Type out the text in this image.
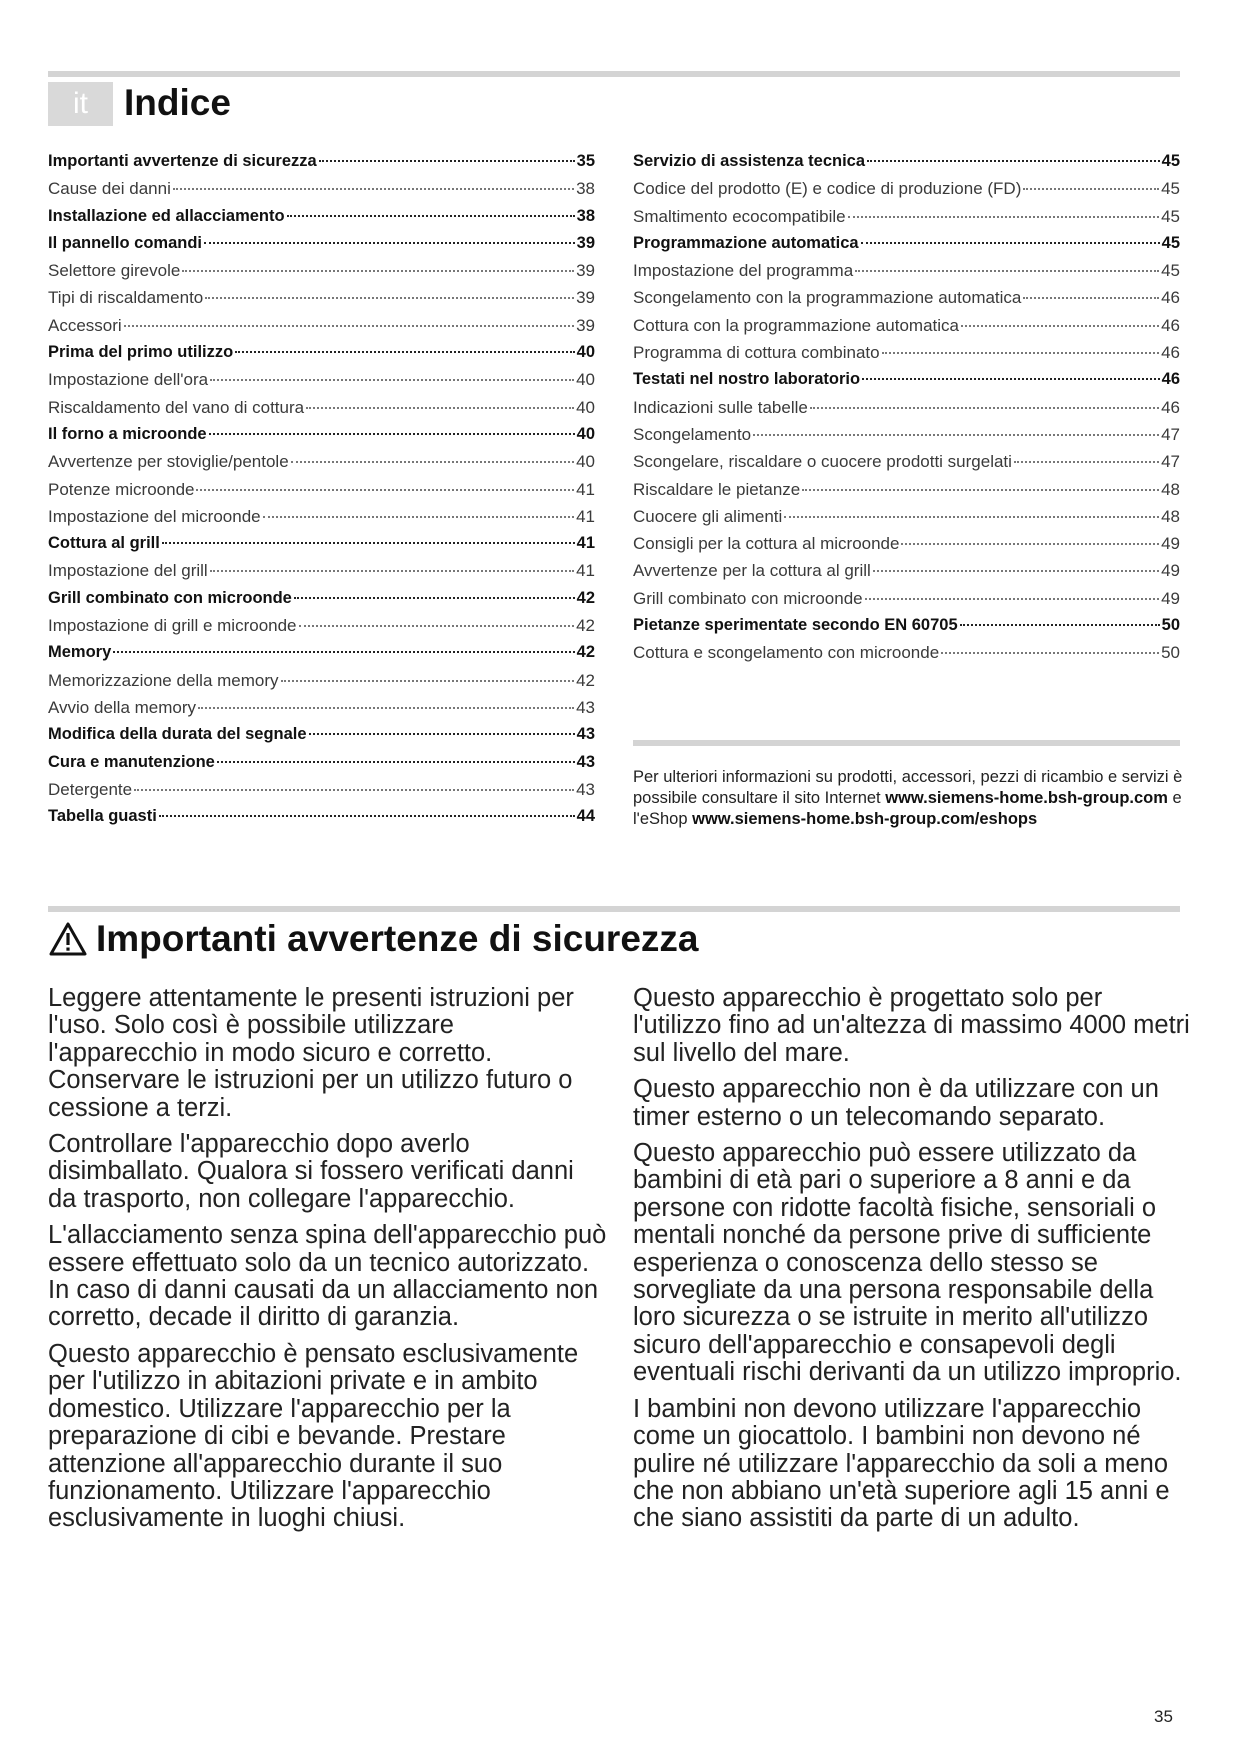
it Indice
Importanti avvertenze di sicurezza	35
Cause dei danni	38
Installazione ed allacciamento	38
Il pannello comandi	39
Selettore girevole	39
Tipi di riscaldamento	39
Accessori	39
Prima del primo utilizzo	40
Impostazione dell'ora	40
Riscaldamento del vano di cottura	40
Il forno a microonde	40
Avvertenze per stoviglie/pentole	40
Potenze microonde	41
Impostazione del microonde	41
Cottura al grill	41
Impostazione del grill	41
Grill combinato con microonde	42
Impostazione di grill e microonde	42
Memory	42
Memorizzazione della memory	42
Avvio della memory	43
Modifica della durata del segnale	43
Cura e manutenzione	43
Detergente	43
Tabella guasti	44
Servizio di assistenza tecnica	45
Codice del prodotto (E) e codice di produzione (FD)	45
Smaltimento ecocompatibile	45
Programmazione automatica	45
Impostazione del programma	45
Scongelamento con la programmazione automatica	46
Cottura con la programmazione automatica	46
Programma di cottura combinato	46
Testati nel nostro laboratorio	46
Indicazioni sulle tabelle	46
Scongelamento	47
Scongelare, riscaldare o cuocere prodotti surgelati	47
Riscaldare le pietanze	48
Cuocere gli alimenti	48
Consigli per la cottura al microonde	49
Avvertenze per la cottura al grill	49
Grill combinato con microonde	49
Pietanze sperimentate secondo EN 60705	50
Cottura e scongelamento con microonde	50
Per ulteriori informazioni su prodotti, accessori, pezzi di ricambio e servizi è possibile consultare il sito Internet www.siemens-home.bsh-group.com e l'eShop www.siemens-home.bsh-group.com/eshops
Importanti avvertenze di sicurezza

Leggere attentamente le presenti istruzioni per l'uso. Solo così è possibile utilizzare l'apparecchio in modo sicuro e corretto. Conservare le istruzioni per un utilizzo futuro o cessione a terzi.

Controllare l'apparecchio dopo averlo disimballato. Qualora si fossero verificati danni da trasporto, non collegare l'apparecchio.

L'allacciamento senza spina dell'apparecchio può essere effettuato solo da un tecnico autorizzato. In caso di danni causati da un allacciamento non corretto, decade il diritto di garanzia.

Questo apparecchio è pensato esclusivamente per l'utilizzo in abitazioni private e in ambito domestico. Utilizzare l'apparecchio per la preparazione di cibi e bevande. Prestare attenzione all'apparecchio durante il suo funzionamento. Utilizzare l'apparecchio esclusivamente in luoghi chiusi.

Questo apparecchio è progettato solo per l'utilizzo fino ad un'altezza di massimo 4000 metri sul livello del mare.

Questo apparecchio non è da utilizzare con un timer esterno o un telecomando separato.

Questo apparecchio può essere utilizzato da bambini di età pari o superiore a 8 anni e da persone con ridotte facoltà fisiche, sensoriali o mentali nonché da persone prive di sufficiente esperienza o conoscenza dello stesso se sorvegliate da una persona responsabile della loro sicurezza o se istruite in merito all'utilizzo sicuro dell'apparecchio e consapevoli degli eventuali rischi derivanti da un utilizzo improprio.

I bambini non devono utilizzare l'apparecchio come un giocattolo. I bambini non devono né pulire né utilizzare l'apparecchio da soli a meno che non abbiano un'età superiore agli 15 anni e che siano assistiti da parte di un adulto.

35
